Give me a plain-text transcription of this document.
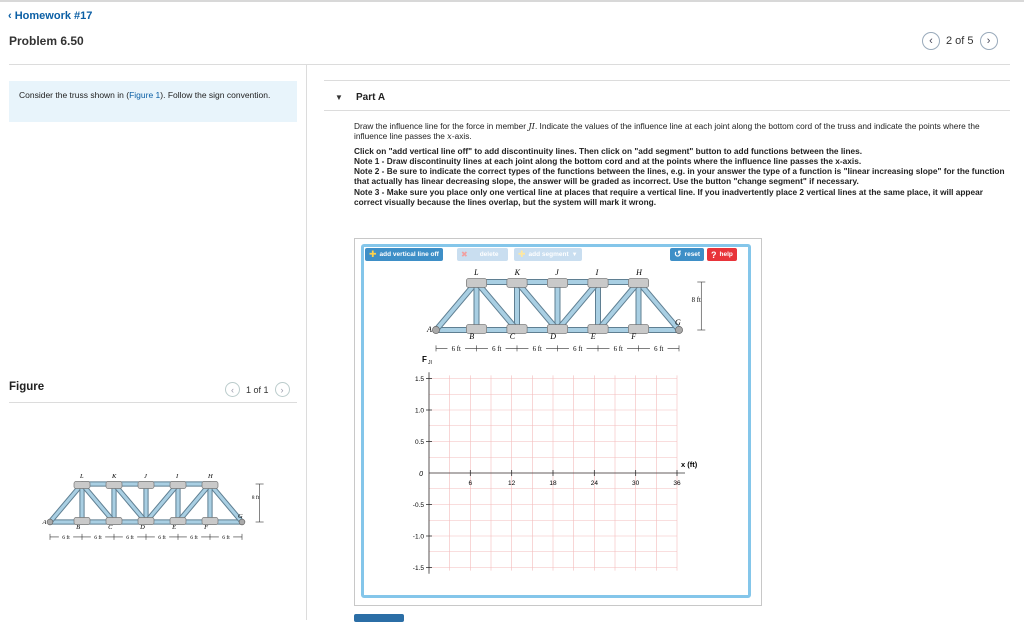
‹ Homework #17
Problem 6.50	‹ 2 of 5 ›
Consider the truss shown in (Figure 1). Follow the sign convention.
Figure	‹ 1 of 1 ›
L	K	J	I	H
B	C	D	E	F
A
G
8 ft
6 ft	6 ft	6 ft	6 ft	6 ft	6 ft
▼ Part A

Draw the influence line for the force in member JI. Indicate the values of the influence line at each joint along the bottom cord of the truss and indicate the points where the influence line passes the x-axis.

Click on "add vertical line off" to add discontinuity lines. Then click on "add segment" button to add functions between the lines.
Note 1 - Draw discontinuity lines at each joint along the bottom cord and at the points where the influence line passes the x-axis.
Note 2 - Be sure to indicate the correct types of the functions between the lines, e.g. in your answer the type of a function is "linear increasing slope" for the function that actually has linear decreasing slope, the answer will be graded as incorrect. Use the button "change segment" if necessary.
Note 3 - Make sure you place only one vertical line at places that require a vertical line. If you inadvertently place 2 vertical lines at the same place, it will appear correct visually because the lines overlap, but the system will mark it wrong.
✚ add vertical line off	✖ delete ✚ add segment ▼	↺ reset ? help
L	K	J	I	H
B	C	D	E	F
A
G
8 ft
6 ft	6 ft	6 ft	6 ft	6 ft	6 ft
F JI
1.5
1.0
0.5
-0.5
-1.0
-1.5
0
6	12	18	24	30	36
x (ft)
